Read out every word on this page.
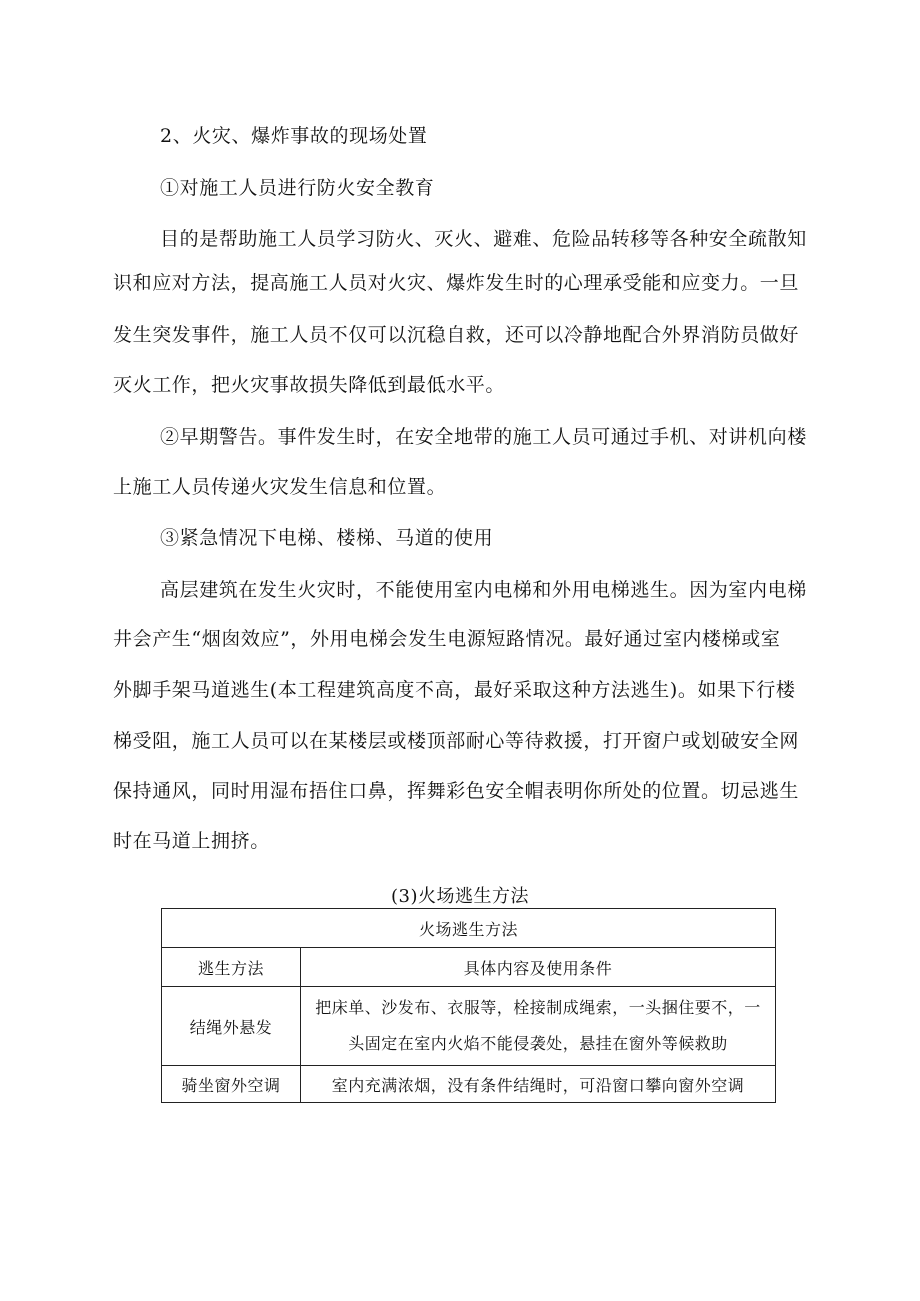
2、火灾、爆炸事故的现场处置
①对施工人员进行防火安全教育
目的是帮助施工人员学习防火、灭火、避难、危险品转移等各种安全疏散知
识和应对方法，提高施工人员对火灾、爆炸发生时的心理承受能和应变力。一旦
发生突发事件，施工人员不仅可以沉稳自救，还可以冷静地配合外界消防员做好
灭火工作，把火灾事故损失降低到最低水平。
②早期警告。事件发生时，在安全地带的施工人员可通过手机、对讲机向楼
上施工人员传递火灾发生信息和位置。
③紧急情况下电梯、楼梯、马道的使用
高层建筑在发生火灾时，不能使用室内电梯和外用电梯逃生。因为室内电梯
井会产生“烟囱效应”，外用电梯会发生电源短路情况。最好通过室内楼梯或室
外脚手架马道逃生(本工程建筑高度不高，最好采取这种方法逃生)。如果下行楼
梯受阻，施工人员可以在某楼层或楼顶部耐心等待救援，打开窗户或划破安全网
保持通风，同时用湿布捂住口鼻，挥舞彩色安全帽表明你所处的位置。切忌逃生
时在马道上拥挤。
(3)火场逃生方法
火场逃生方法	
逃生方法	具体内容及使用条件
结绳外悬发	把床单、沙发布、衣服等，栓接制成绳索，一头捆住要不，一
头固定在室内火焰不能侵袭处，悬挂在窗外等候救助

骑坐窗外空调	室内充满浓烟，没有条件结绳时，可沿窗口攀向窗外空调
